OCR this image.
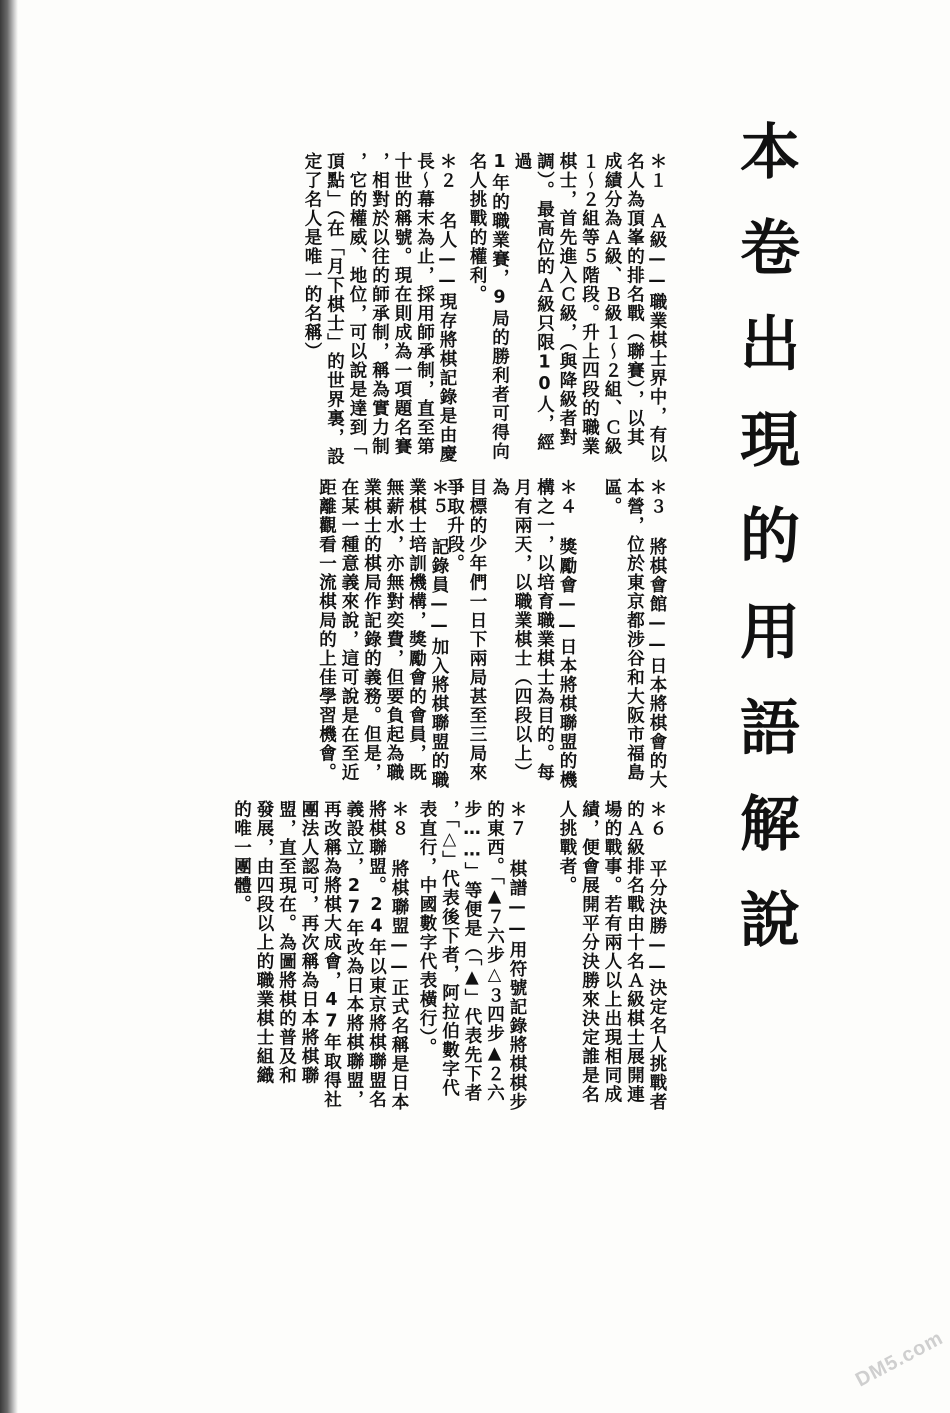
本卷出現的用語解說
＊１ Ａ級——職業棋士界中，有以
名人為頂峯的排名戰（聯賽），以其
成績分為Ａ級、Ｂ級１〜２組、Ｃ級
１〜２組等５階段。升上四段的職業
棋士，首先進入Ｃ級，（與降級者對
調）。最高位的Ａ級只限10人，經過
1年的職業賽，9局的勝利者可得向
名人挑戰的權利。
＊２ 名人——現存將棋記錄是由慶
長〜幕末為止，採用師承制，直至第
十世的稱號。現在則成為一項題名賽
，相對於以往的師承制，稱為實力制
，它的權威、地位，可以說是達到「
頂點」（在「月下棋士」的世界裏，設
定了名人是唯一的名稱）
＊３ 將棋會館——日本將棋會的大
本營，位於東京都涉谷和大阪市福島
區。
＊４ 獎勵會——日本將棋聯盟的機
構之一，以培育職業棋士為目的。每
月有兩天，以職業棋士（四段以上）為
目標的少年們一日下兩局甚至三局來
爭取升段。
＊５ 記錄員——加入將棋聯盟的職
業棋士培訓機構，獎勵會的會員，既
無薪水，亦無對奕費，但要負起為職
業棋士的棋局作記錄的義務。但是，
在某一種意義來說，這可說是在至近
距離觀看一流棋局的上佳學習機會。
＊６ 平分決勝——決定名人挑戰者
的Ａ級排名戰由十名Ａ級棋士展開連
場的戰事。若有兩人以上出現相同成
績，便會展開平分決勝來決定誰是名
人挑戰者。
＊７ 棋譜——用符號記錄將棋棋步
的東西。「▲７六步△３四步▲２六
步……」等便是（「▲」代表先下者
，「△」代表後下者，阿拉伯數字代
表直行，中國數字代表橫行）。
＊８ 將棋聯盟——正式名稱是日本
將棋聯盟。24年以東京將棋聯盟名
義設立，27年改為日本將棋聯盟，
再改稱為將棋大成會，47年取得社
團法人認可，再次稱為日本將棋聯
盟，直至現在。為圖將棋的普及和
發展，由四段以上的職業棋士組織
的唯一團體。
DM5.com
